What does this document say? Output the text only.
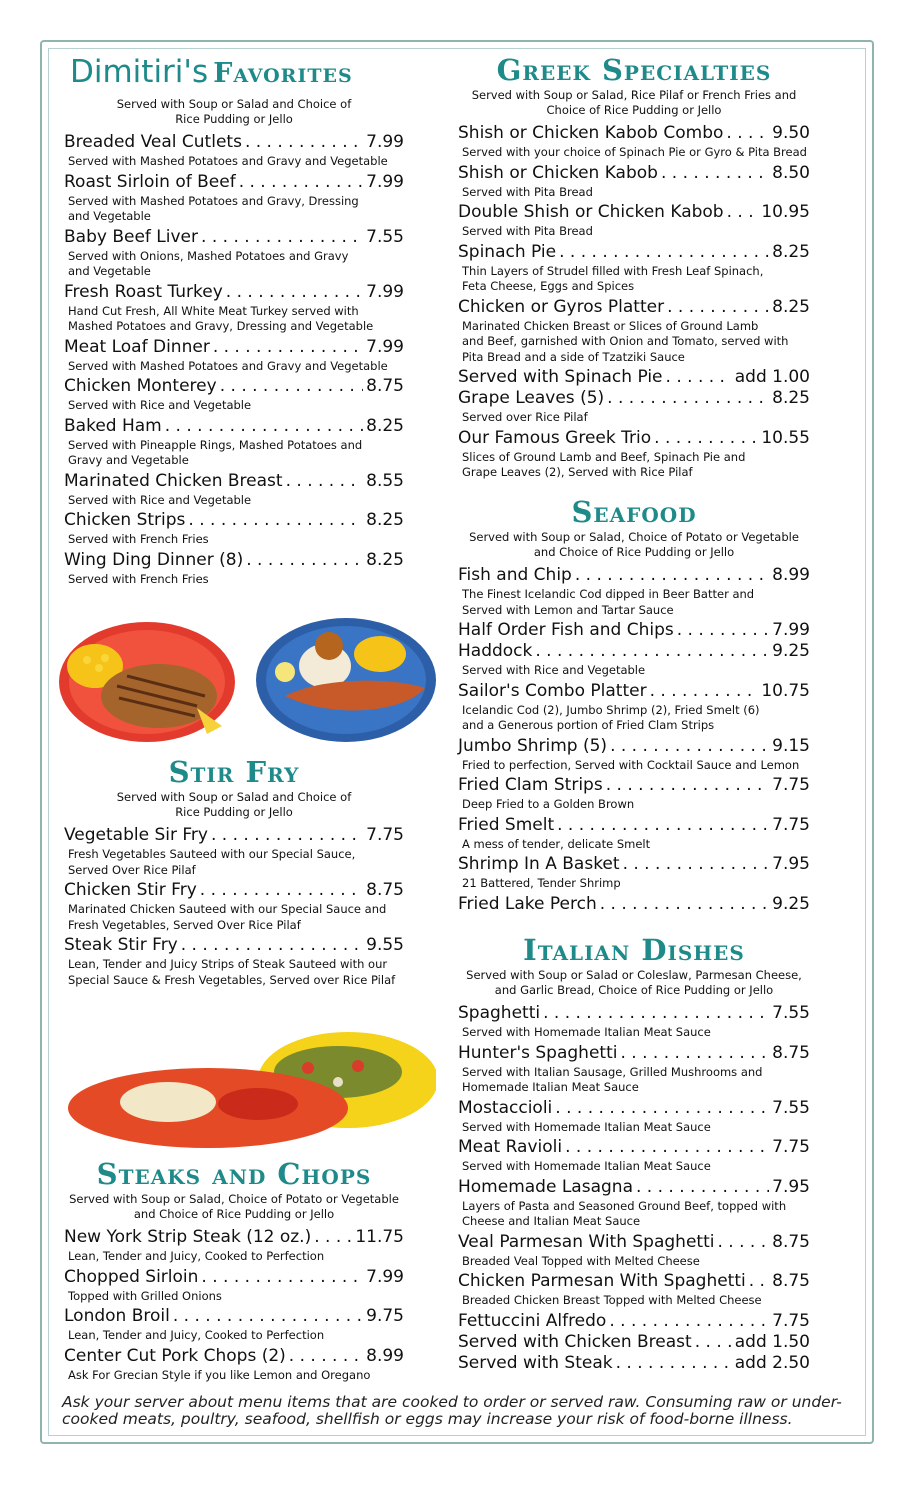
Dimitiri's Favorites
Served with Soup or Salad and Choice of
Rice Pudding or Jello
Breaded Veal Cutlets . . .	7.99
Served with Mashed Potatoes and Gravy and Vegetable
Roast Sirloin of Beef . . .	7.99
Served with Mashed Potatoes and Gravy, Dressing
and Vegetable
Baby Beef Liver . . .	7.55
Served with Onions, Mashed Potatoes and Gravy
and Vegetable
Fresh Roast Turkey . . .	7.99
Hand Cut Fresh, All White Meat Turkey served with
Mashed Potatoes and Gravy, Dressing and Vegetable
Meat Loaf Dinner . . .	7.99
Served with Mashed Potatoes and Gravy and Vegetable
Chicken Monterey . . .	8.75
Served with Rice and Vegetable
Baked Ham . . .	8.25
Served with Pineapple Rings, Mashed Potatoes and
Gravy and Vegetable
Marinated Chicken Breast . . .	8.55
Served with Rice and Vegetable
Chicken Strips . . .	8.25
Served with French Fries
Wing Ding Dinner (8) . . .	8.25
Served with French Fries
Stir Fry
Served with Soup or Salad and Choice of
Rice Pudding or Jello
Vegetable Sir Fry . . .	7.75
Fresh Vegetables Sauteed with our Special Sauce,
Served Over Rice Pilaf
Chicken Stir Fry . . .	8.75
Marinated Chicken Sauteed with our Special Sauce and
Fresh Vegetables, Served Over Rice Pilaf
Steak Stir Fry . . .	9.55
Lean, Tender and Juicy Strips of Steak Sauteed with our
Special Sauce & Fresh Vegetables, Served over Rice Pilaf
Steaks and Chops
Served with Soup or Salad, Choice of Potato or Vegetable
and Choice of Rice Pudding or Jello
New York Strip Steak (12 oz.) . . .	11.75
Lean, Tender and Juicy, Cooked to Perfection
Chopped Sirloin . . .	7.99
Topped with Grilled Onions
London Broil . . .	9.75
Lean, Tender and Juicy, Cooked to Perfection
Center Cut Pork Chops (2) . . .	8.99
Ask For Grecian Style if you like Lemon and Oregano
Greek Specialties
Served with Soup or Salad, Rice Pilaf or French Fries and
Choice of Rice Pudding or Jello
Shish or Chicken Kabob Combo . . .	9.50
Served with your choice of Spinach Pie or Gyro & Pita Bread
Shish or Chicken Kabob . . .	8.50
Served with Pita Bread
Double Shish or Chicken Kabob . . . 10.95
Served with Pita Bread
Spinach Pie . . .	8.25
Thin Layers of Strudel filled with Fresh Leaf Spinach,
Feta Cheese, Eggs and Spices
Chicken or Gyros Platter . . .	8.25
Marinated Chicken Breast or Slices of Ground Lamb
and Beef, garnished with Onion and Tomato, served with
Pita Bread and a side of Tzatziki Sauce
Served with Spinach Pie . . .	add 1.00
Grape Leaves (5) . . .	8.25
Served over Rice Pilaf
Our Famous Greek Trio . . .	10.55
Slices of Ground Lamb and Beef, Spinach Pie and
Grape Leaves (2), Served with Rice Pilaf
Seafood
Served with Soup or Salad, Choice of Potato or Vegetable
and Choice of Rice Pudding or Jello
Fish and Chip . . .	8.99
The Finest Icelandic Cod dipped in Beer Batter and
Served with Lemon and Tartar Sauce
Half Order Fish and Chips . . .	7.99
Haddock . . .	9.25
Served with Rice and Vegetable
Sailor's Combo Platter . . .	10.75
Icelandic Cod (2), Jumbo Shrimp (2), Fried Smelt (6)
and a Generous portion of Fried Clam Strips
Jumbo Shrimp (5) . . .	9.15
Fried to perfection, Served with Cocktail Sauce and Lemon
Fried Clam Strips . . .	7.75
Deep Fried to a Golden Brown
Fried Smelt . . .	7.75
A mess of tender, delicate Smelt
Shrimp In A Basket . . .	7.95
21 Battered, Tender Shrimp
Fried Lake Perch . . .	9.25
Italian Dishes
Served with Soup or Salad or Coleslaw, Parmesan Cheese,
and Garlic Bread, Choice of Rice Pudding or Jello
Spaghetti . . .	7.55
Served with Homemade Italian Meat Sauce
Hunter's Spaghetti . . .	8.75
Served with Italian Sausage, Grilled Mushrooms and
Homemade Italian Meat Sauce
Mostaccioli . . .	7.55
Served with Homemade Italian Meat Sauce
Meat Ravioli . . .	7.75
Served with Homemade Italian Meat Sauce
Homemade Lasagna . . .	7.95
Layers of Pasta and Seasoned Ground Beef, topped with
Cheese and Italian Meat Sauce
Veal Parmesan With Spaghetti . . .	8.75
Breaded Veal Topped with Melted Cheese
Chicken Parmesan With Spaghetti . . . 8.75
Breaded Chicken Breast Topped with Melted Cheese
Fettuccini Alfredo . . .	7.75
Served with Chicken Breast . . .	add 1.50
Served with Steak . . .	add 2.50
Ask your server about menu items that are cooked to order or served raw. Consuming raw or under-cooked meats, poultry, seafood, shellfish or eggs may increase your risk of food-borne illness.
